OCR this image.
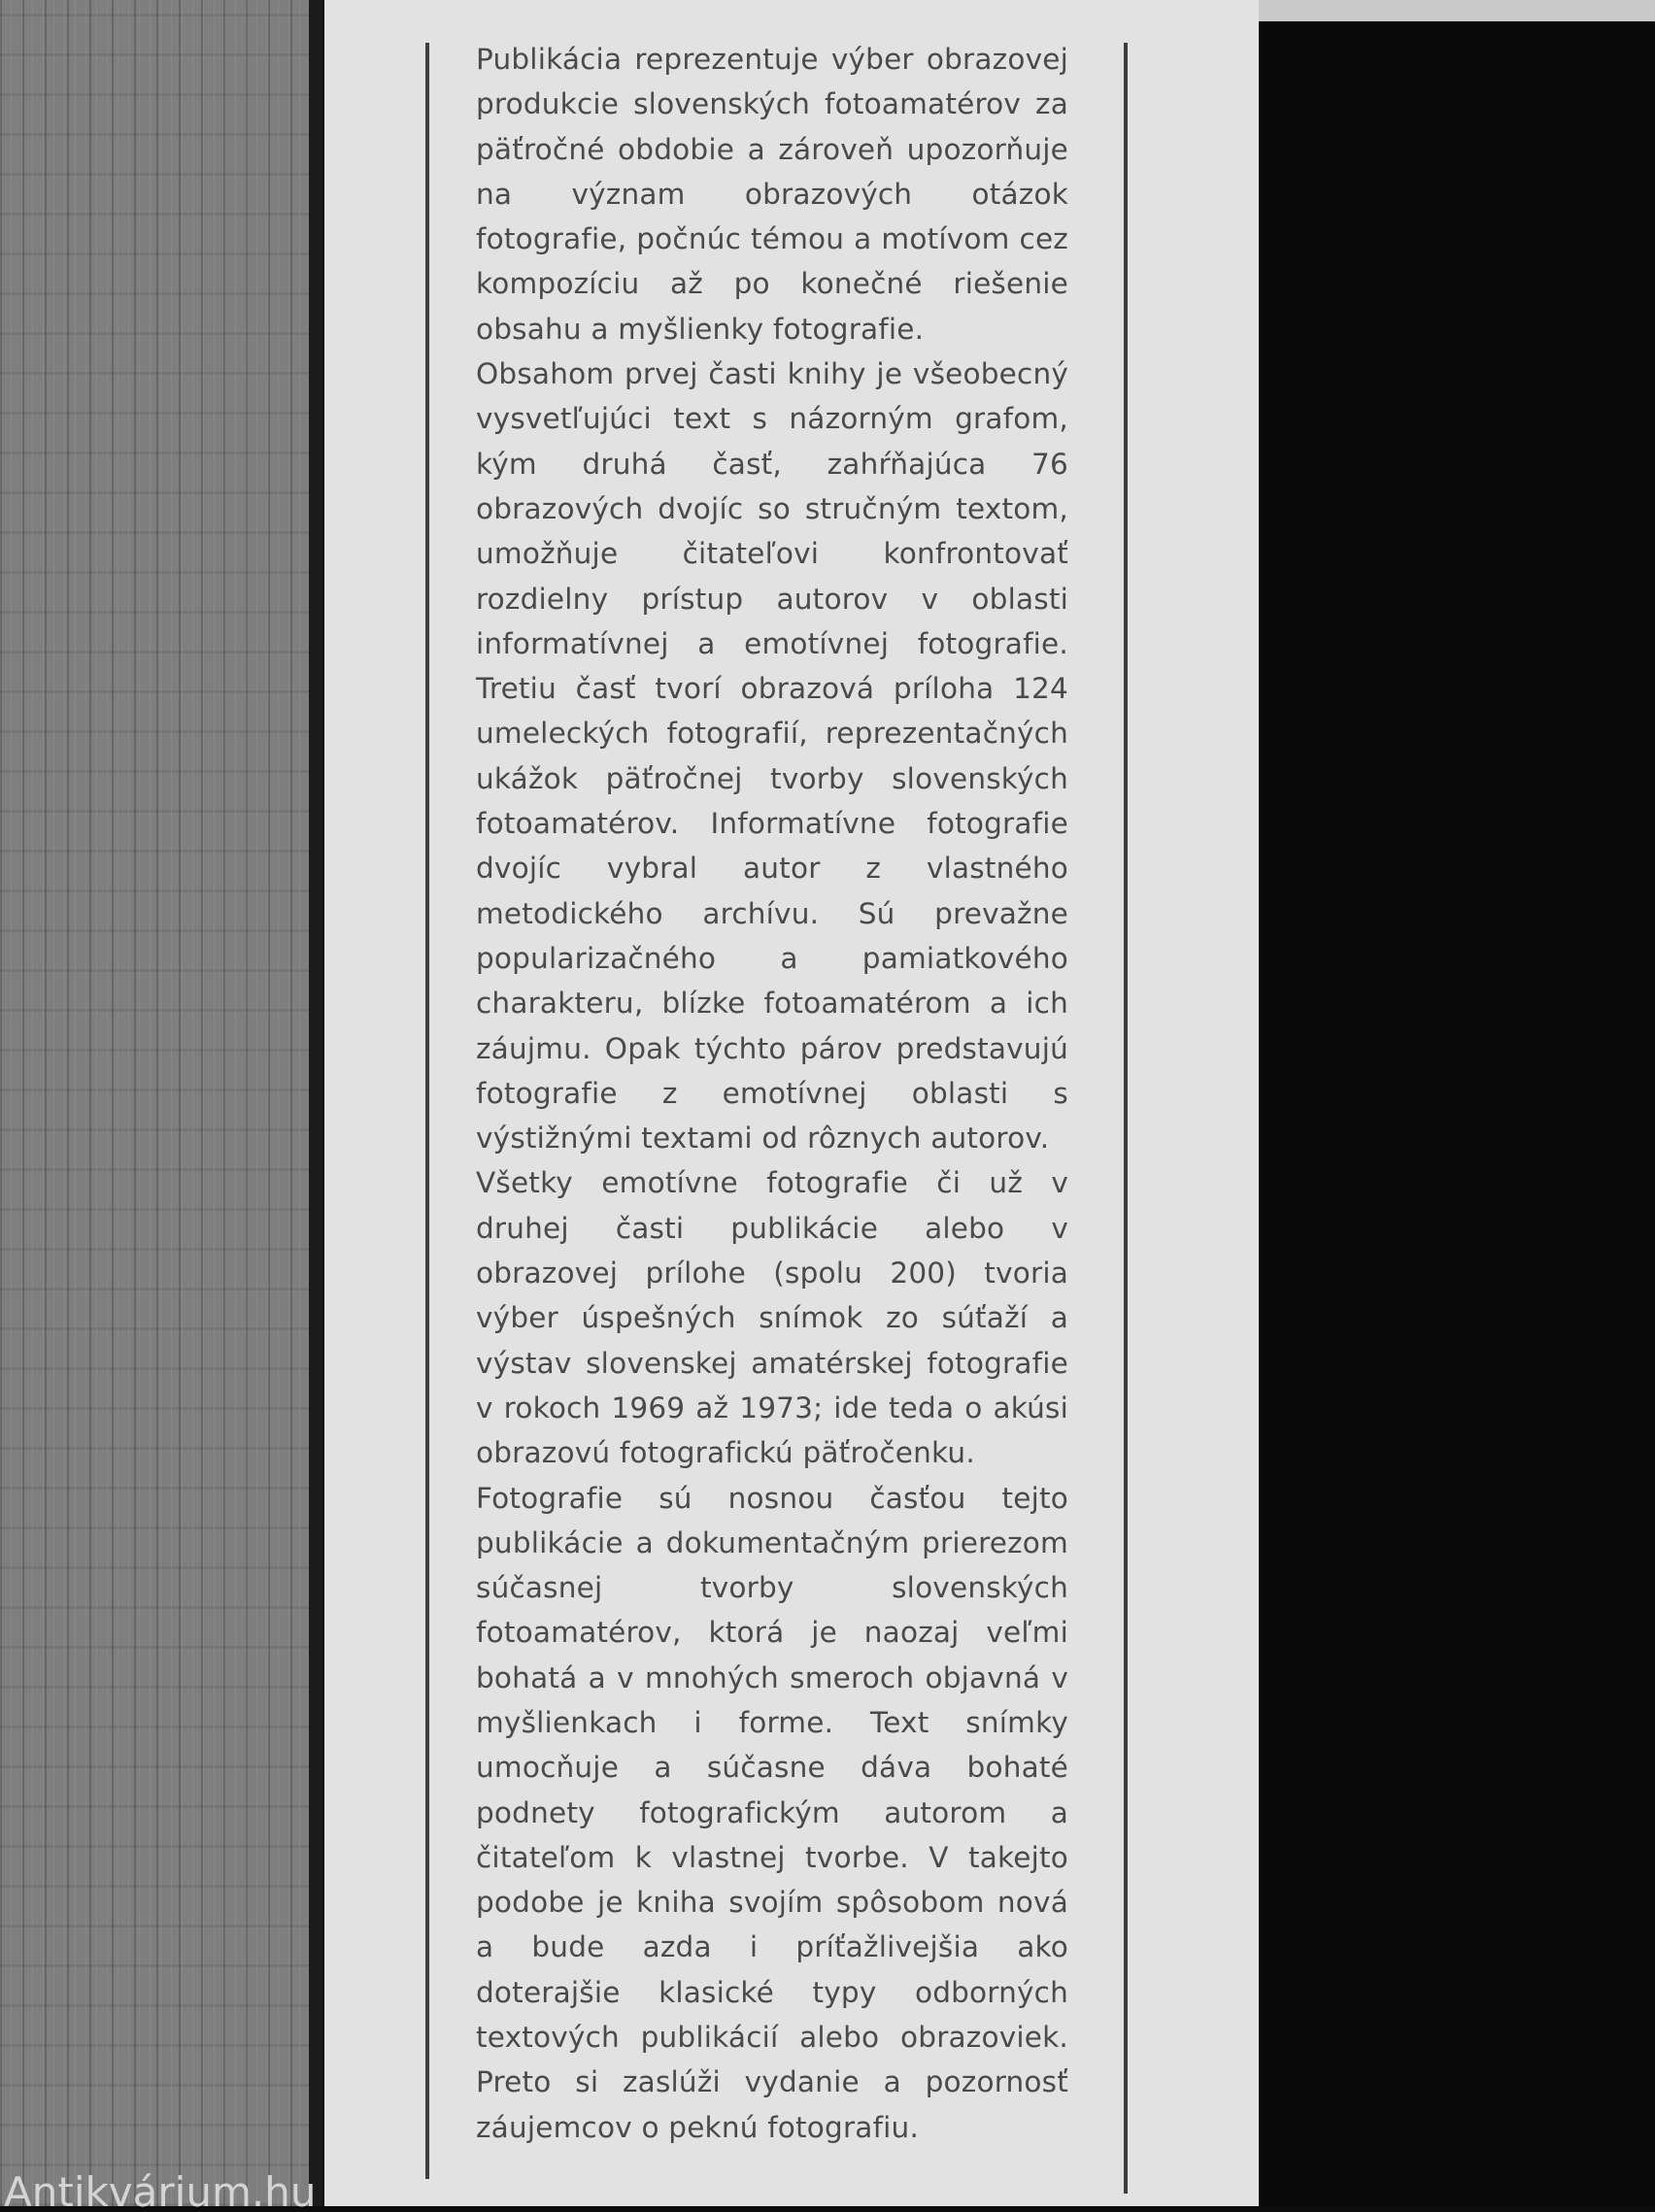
Publikácia reprezentuje výber obrazovej produkcie slovenských fotoamatérov za päťročné obdobie a zároveň upozorňuje na význam obrazových otázok fotografie, počnúc témou a motívom cez kompozíciu až po konečné riešenie obsahu a myšlienky fotografie.

Obsahom prvej časti knihy je všeobecný vysvetľujúci text s názorným grafom, kým druhá časť, zahŕňajúca 76 obrazových dvojíc so stručným textom, umožňuje čitateľovi konfrontovať rozdielny prístup autorov v oblasti informatívnej a emotívnej fotografie. Tretiu časť tvorí obrazová príloha 124 umeleckých fotografií, reprezentačných ukážok päťročnej tvorby slovenských fotoamatérov. Informatívne fotografie dvojíc vybral autor z vlastného metodického archívu. Sú prevažne popularizačného a pamiatkového charakteru, blízke fotoamatérom a ich záujmu. Opak týchto párov predstavujú fotografie z emotívnej oblasti s výstižnými textami od rôznych autorov.

Všetky emotívne fotografie či už v druhej časti publikácie alebo v obrazovej prílohe (spolu 200) tvoria výber úspešných snímok zo súťaží a výstav slovenskej amatérskej fotografie v rokoch 1969 až 1973; ide teda o akúsi obrazovú fotografickú päťročenku.

Fotografie sú nosnou časťou tejto publikácie a dokumentačným prierezom súčasnej tvorby slovenských fotoamatérov, ktorá je naozaj veľmi bohatá a v mnohých smeroch objavná v myšlienkach i forme. Text snímky umocňuje a súčasne dáva bohaté podnety fotografickým autorom a čitateľom k vlastnej tvorbe. V takejto podobe je kniha svojím spôsobom nová a bude azda i príťažlivejšia ako doterajšie klasické typy odborných textových publikácií alebo obrazoviek. Preto si zaslúži vydanie a pozornosť záujemcov o peknú fotografiu.

Antikvárium.hu
